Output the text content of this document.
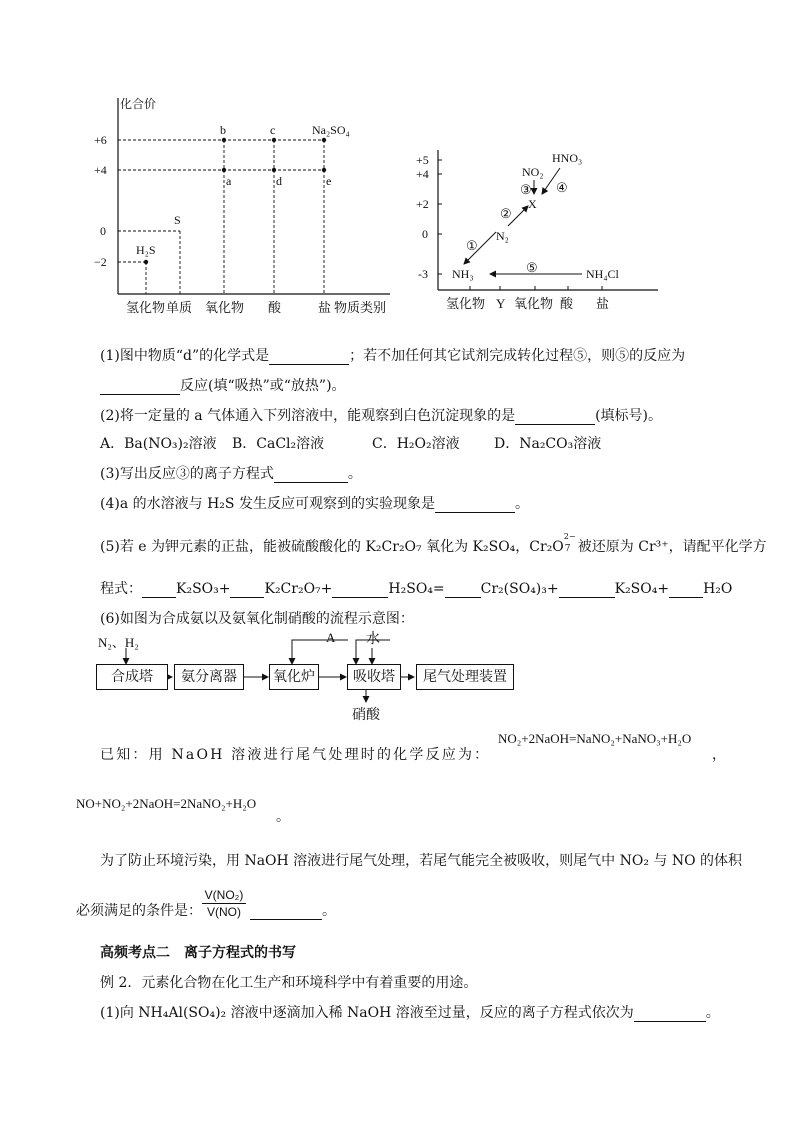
化合价
+6
+4
0
−2
H₂S
S
b	c	Na₂SO₄
a	d	e
氢化物 单质 氧化物 酸	盐 物质类别
+5
+4
+2
0
-3 NH₃
N₂
X
NO₂
HNO₃
NH₄Cl
①
②
③ ④
⑤
氢化物 Y 氧化物 酸 盐
(1)图中物质“d”的化学式是	；若不加任何其它试剂完成转化过程⑤，则⑤的反应为
反应(填“吸热”或“放热”)。
(2)将一定量的 a 气体通入下列溶液中，能观察到白色沉淀现象的是	(填标号)。
A．Ba(NO₃)₂溶液 B．CaCl₂溶液	C．H₂O₂溶液 D．Na₂CO₃溶液
(3)写出反应③的离子方程式	。
(4)a 的水溶液与 H₂S 发生反应可观察到的实验现象是	。
(5)若 e 为钾元素的正盐，能被硫酸酸化的 K₂Cr₂O₇ 氧化为 K₂SO₄，Cr₂O
2−
7 被还原为 Cr³⁺，请配平化学方
程式： K₂SO₃+ K₂Cr₂O₇+	H₂SO₄=	Cr₂(SO₄)₃+	K₂SO₄+ H₂O
(6)如图为合成氨以及氨氧化制硝酸的流程示意图：
N₂、H₂	A 水
合成塔	氨分离器	氧化炉	吸收塔	尾气处理装置
硝酸
已知：用 NaOH 溶液进行尾气处理时的化学反应为：
NO₂+2NaOH=NaNO₂+NaNO₃+H₂O
，
NO+NO₂+2NaOH=2NaNO₂+H₂O
。
为了防止环境污染，用 NaOH 溶液进行尾气处理，若尾气能完全被吸收，则尾气中 NO₂ 与 NO 的体积
必须满足的条件是：
V(NO₂)
V(NO)	。
高频考点二　离子方程式的书写
例 2．元素化合物在化工生产和环境科学中有着重要的用途。
(1)向 NH₄Al(SO₄)₂ 溶液中逐滴加入稀 NaOH 溶液至过量，反应的离子方程式依次为	。
